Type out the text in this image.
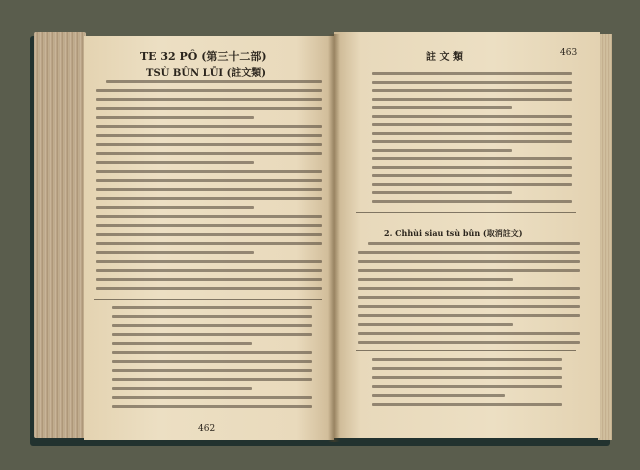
TE 32 PÔ (第三十二部)
TSÙ BÛN LŪI (註文類)
462
註 文 類	463
2. Chhùi siau tsù bûn (取消註文)
